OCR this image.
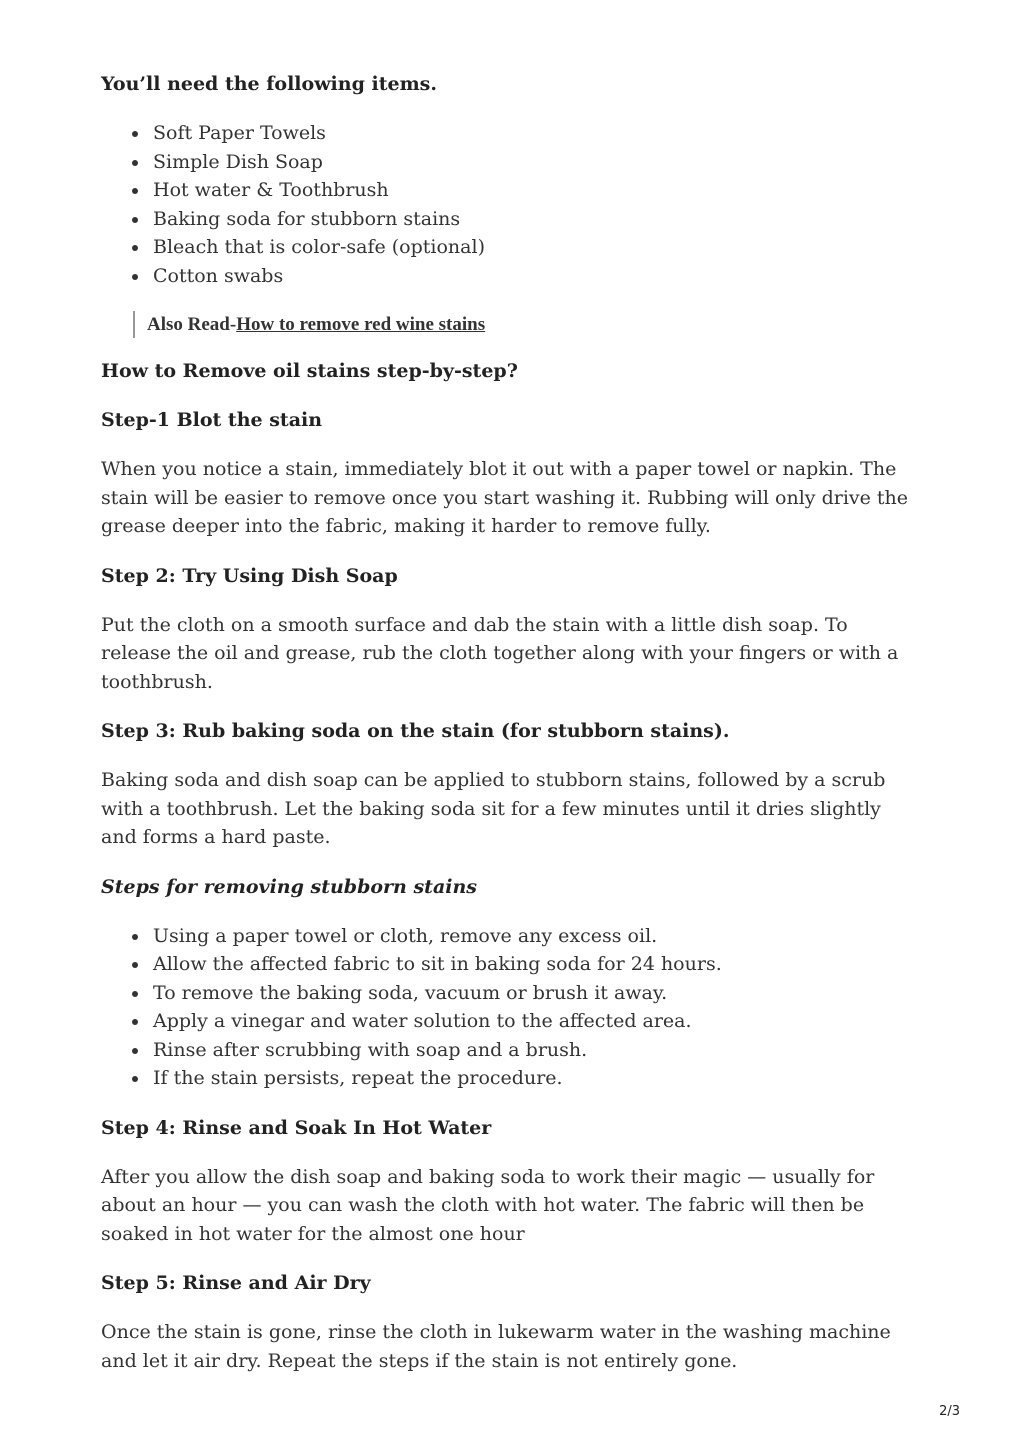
You’ll need the following items.
Soft Paper Towels
Simple Dish Soap
Hot water & Toothbrush
Baking soda for stubborn stains
Bleach that is color-safe (optional)
Cotton swabs
Also Read-How to remove red wine stains
How to Remove oil stains step-by-step?
Step-1 Blot the stain

When you notice a stain, immediately blot it out with a paper towel or napkin. The stain will be easier to remove once you start washing it. Rubbing will only drive the grease deeper into the fabric, making it harder to remove fully.

Step 2: Try Using Dish Soap

Put the cloth on a smooth surface and dab the stain with a little dish soap. To release the oil and grease, rub the cloth together along with your fingers or with a toothbrush.

Step 3: Rub baking soda on the stain (for stubborn stains).

Baking soda and dish soap can be applied to stubborn stains, followed by a scrub with a toothbrush. Let the baking soda sit for a few minutes until it dries slightly and forms a hard paste.

Steps for removing stubborn stains
Using a paper towel or cloth, remove any excess oil.
Allow the affected fabric to sit in baking soda for 24 hours.
To remove the baking soda, vacuum or brush it away.
Apply a vinegar and water solution to the affected area.
Rinse after scrubbing with soap and a brush.
If the stain persists, repeat the procedure.
Step 4: Rinse and Soak In Hot Water

After you allow the dish soap and baking soda to work their magic — usually for about an hour — you can wash the cloth with hot water. The fabric will then be soaked in hot water for the almost one hour

Step 5: Rinse and Air Dry

Once the stain is gone, rinse the cloth in lukewarm water in the washing machine and let it air dry. Repeat the steps if the stain is not entirely gone.

2/3
